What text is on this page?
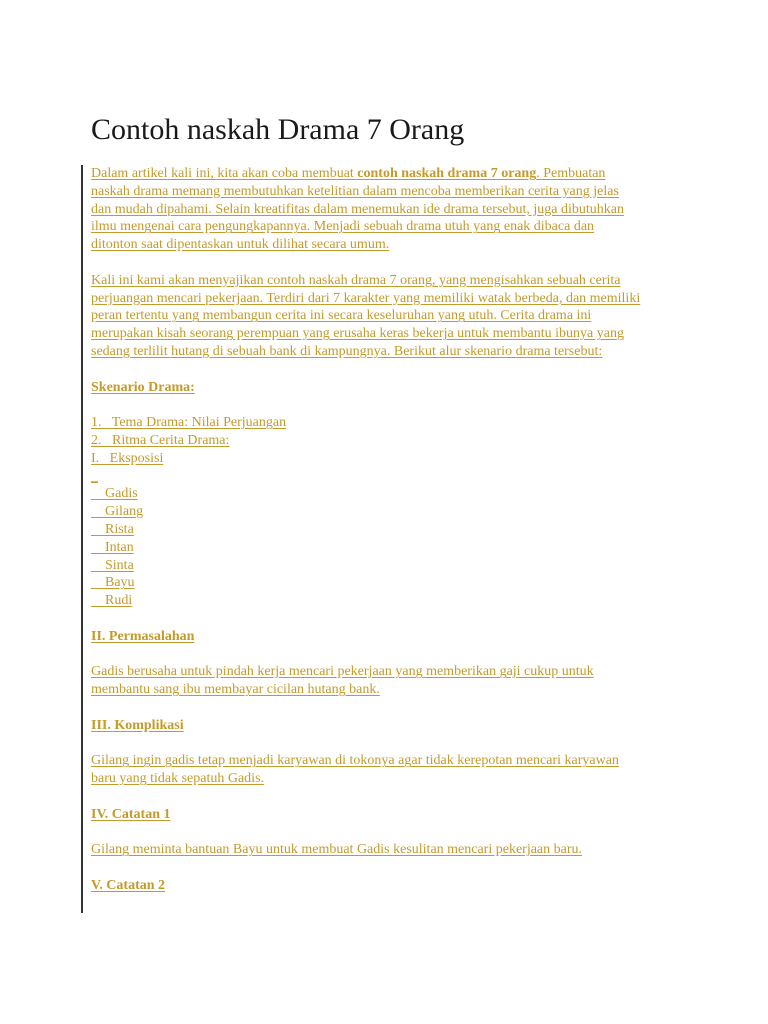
Contoh naskah Drama 7 Orang

Dalam artikel kali ini, kita akan coba membuat contoh naskah drama 7 orang. Pembuatan

naskah drama memang membutuhkan ketelitian dalam mencoba memberikan cerita yang jelas

dan mudah dipahami. Selain kreatifitas dalam menemukan ide drama tersebut, juga dibutuhkan

ilmu mengenai cara pengungkapannya. Menjadi sebuah drama utuh yang enak dibaca dan

ditonton saat dipentaskan untuk dilihat secara umum.

Kali ini kami akan menyajikan contoh naskah drama 7 orang, yang mengisahkan sebuah cerita

perjuangan mencari pekerjaan. Terdiri dari 7 karakter yang memiliki watak berbeda, dan memiliki

peran tertentu yang membangun cerita ini secara keseluruhan yang utuh. Cerita drama ini

merupakan kisah seorang perempuan yang erusaha keras bekerja untuk membantu ibunya yang

sedang terlilit hutang di sebuah bank di kampungnya. Berikut alur skenario drama tersebut:

Skenario Drama:

1.   Tema Drama: Nilai Perjuangan

2.   Ritma Cerita Drama:

I.   Eksposisi

_

Gadis

Gilang

Rista

Intan

Sinta

Bayu

Rudi

II. Permasalahan

Gadis berusaha untuk pindah kerja mencari pekerjaan yang memberikan gaji cukup untuk

membantu sang ibu membayar cicilan hutang bank.

III. Komplikasi

Gilang ingin gadis tetap menjadi karyawan di tokonya agar tidak kerepotan mencari karyawan

baru yang tidak sepatuh Gadis.

IV. Catatan 1

Gilang meminta bantuan Bayu untuk membuat Gadis kesulitan mencari pekerjaan baru.

V. Catatan 2
